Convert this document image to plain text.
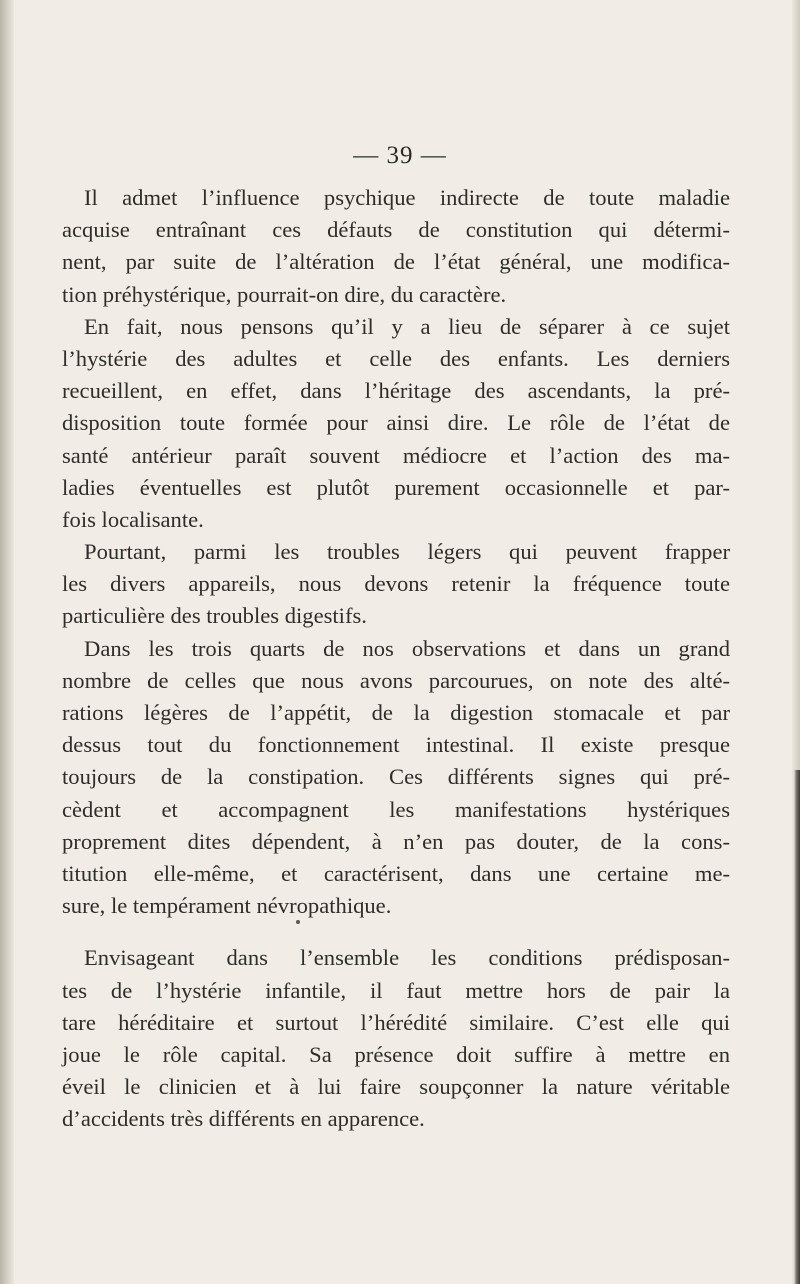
— 39 —
Il admet l’influence psychique indirecte de toute maladie
acquise entraînant ces défauts de constitution qui détermi-
nent, par suite de l’altération de l’état général, une modifica-
tion préhystérique, pourrait-on dire, du caractère.
En fait, nous pensons qu’il y a lieu de séparer à ce sujet
l’hystérie des adultes et celle des enfants. Les derniers
recueillent, en effet, dans l’héritage des ascendants, la pré-
disposition toute formée pour ainsi dire. Le rôle de l’état de
santé antérieur paraît souvent médiocre et l’action des ma-
ladies éventuelles est plutôt purement occasionnelle et par-
fois localisante.
Pourtant, parmi les troubles légers qui peuvent frapper
les divers appareils, nous devons retenir la fréquence toute
particulière des troubles digestifs.
Dans les trois quarts de nos observations et dans un grand
nombre de celles que nous avons parcourues, on note des alté-
rations légères de l’appétit, de la digestion stomacale et par
dessus tout du fonctionnement intestinal. Il existe presque
toujours de la constipation. Ces différents signes qui pré-
cèdent et accompagnent les manifestations hystériques
proprement dites dépendent, à n’en pas douter, de la cons-
titution elle-même, et caractérisent, dans une certaine me-
sure, le tempérament névropathique.
Envisageant dans l’ensemble les conditions prédisposan-
tes de l’hystérie infantile, il faut mettre hors de pair la
tare héréditaire et surtout l’hérédité similaire. C’est elle qui
joue le rôle capital. Sa présence doit suffire à mettre en
éveil le clinicien et à lui faire soupçonner la nature véritable
d’accidents très différents en apparence.
